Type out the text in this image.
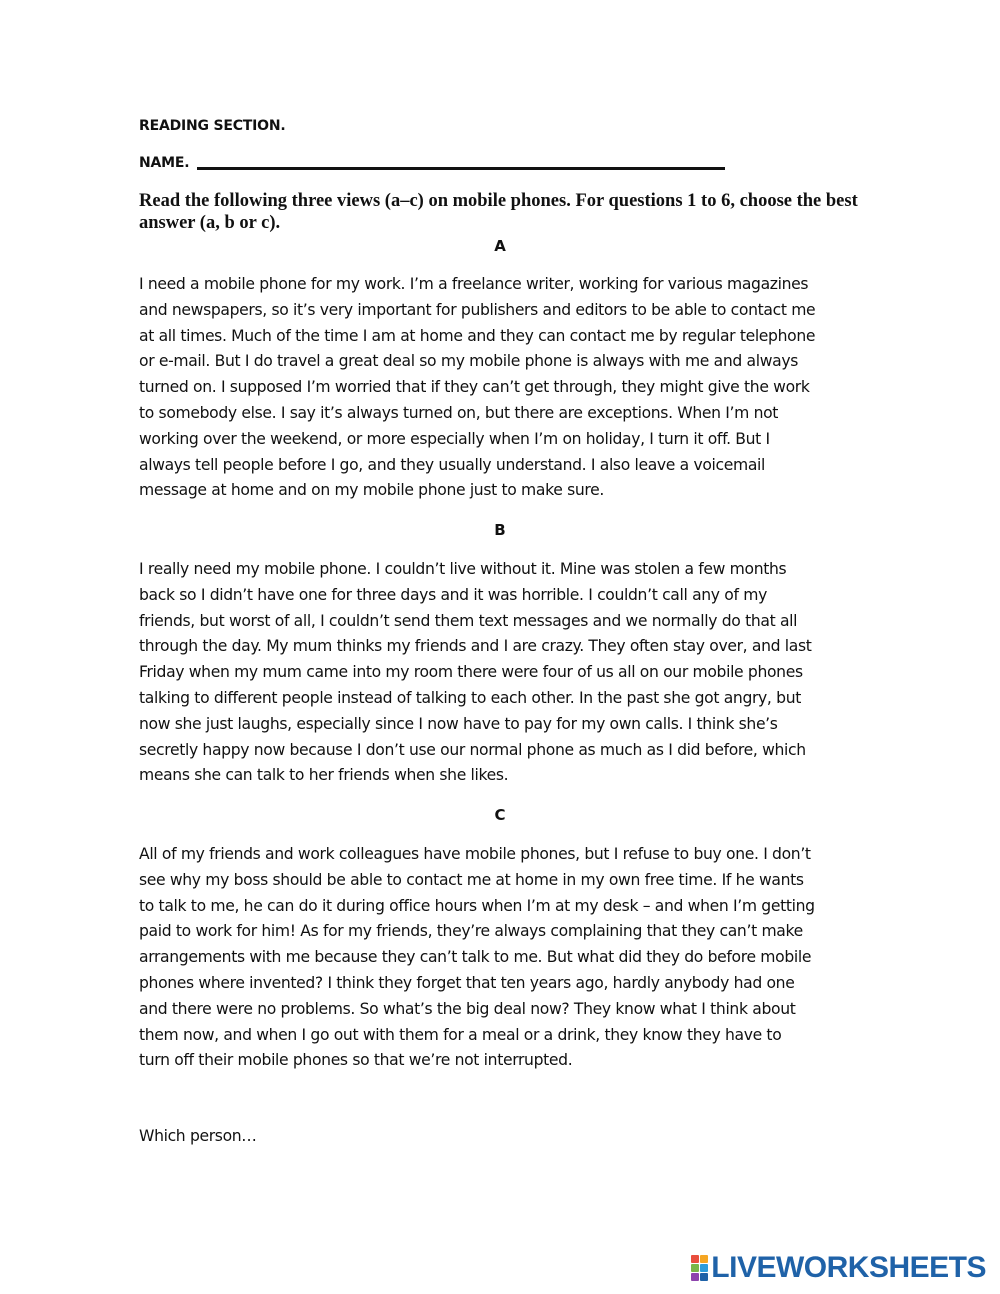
READING SECTION.
NAME.
Read the following three views (a–c) on mobile phones. For questions 1 to 6, choose the best answer (a, b or c).
A
I need a mobile phone for my work. I’m a freelance writer, working for various magazines
and newspapers, so it’s very important for publishers and editors to be able to contact me
at all times. Much of the time I am at home and they can contact me by regular telephone
or e-mail. But I do travel a great deal so my mobile phone is always with me and always
turned on. I supposed I’m worried that if they can’t get through, they might give the work
to somebody else. I say it’s always turned on, but there are exceptions. When I’m not
working over the weekend, or more especially when I’m on holiday, I turn it off. But I
always tell people before I go, and they usually understand. I also leave a voicemail
message at home and on my mobile phone just to make sure.
B
I really need my mobile phone. I couldn’t live without it. Mine was stolen a few months
back so I didn’t have one for three days and it was horrible. I couldn’t call any of my
friends, but worst of all, I couldn’t send them text messages and we normally do that all
through the day. My mum thinks my friends and I are crazy. They often stay over, and last
Friday when my mum came into my room there were four of us all on our mobile phones
talking to different people instead of talking to each other. In the past she got angry, but
now she just laughs, especially since I now have to pay for my own calls. I think she’s
secretly happy now because I don’t use our normal phone as much as I did before, which
means she can talk to her friends when she likes.
C
All of my friends and work colleagues have mobile phones, but I refuse to buy one. I don’t
see why my boss should be able to contact me at home in my own free time. If he wants
to talk to me, he can do it during office hours when I’m at my desk – and when I’m getting
paid to work for him! As for my friends, they’re always complaining that they can’t make
arrangements with me because they can’t talk to me. But what did they do before mobile
phones where invented? I think they forget that ten years ago, hardly anybody had one
and there were no problems. So what’s the big deal now? They know what I think about
them now, and when I go out with them for a meal or a drink, they know they have to
turn off their mobile phones so that we’re not interrupted.
Which person…
LIVEWORKSHEETS
